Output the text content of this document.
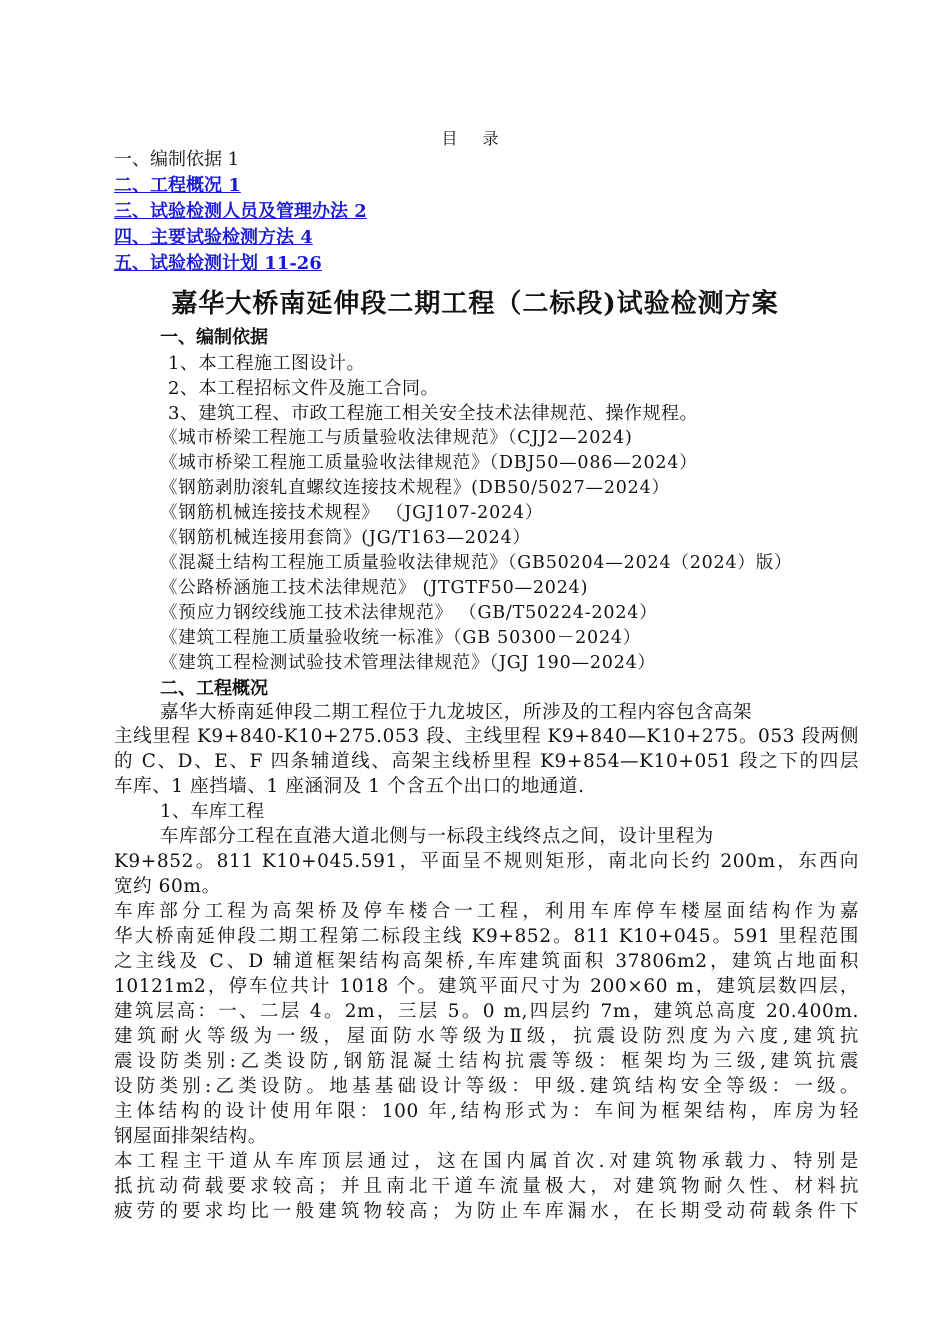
目 录
一、编制依据 1
二、工程概况 1
三、试验检测人员及管理办法 2
四、主要试验检测方法 4
五、试验检测计划 11-26
嘉华大桥南延伸段二期工程（二标段)试验检测方案
一、编制依据
1、本工程施工图设计。
2、本工程招标文件及施工合同。
3、建筑工程、市政工程施工相关安全技术法律规范、操作规程。
《城市桥梁工程施工与质量验收法律规范》（CJJ2—2024)
《城市桥梁工程施工质量验收法律规范》（DBJ50—086—2024）
《钢筋剥肋滚轧直螺纹连接技术规程》(DB50/5027—2024）
《钢筋机械连接技术规程》 （JGJ107-2024）
《钢筋机械连接用套筒》(JG/T163—2024）
《混凝土结构工程施工质量验收法律规范》（GB50204—2024（2024）版）
《公路桥涵施工技术法律规范》 (JTGTF50—2024)
《预应力钢绞线施工技术法律规范》 （GB/T50224-2024）
《建筑工程施工质量验收统一标准》（GB 50300－2024）
《建筑工程检测试验技术管理法律规范》（JGJ 190—2024）
二、工程概况
嘉华大桥南延伸段二期工程位于九龙坡区，所涉及的工程内容包含高架
主线里程 K9+840-K10+275.053 段、主线里程 K9+840—K10+275。053 段两侧
的 C、D、E、F 四条辅道线、高架主线桥里程 K9+854—K10+051 段之下的四层
车库、1 座挡墙、1 座涵洞及 1 个含五个出口的地通道.
1、车库工程
车库部分工程在直港大道北侧与一标段主线终点之间，设计里程为
K9+852。811 K10+045.591，平面呈不规则矩形，南北向长约 200m，东西向
宽约 60m。
车库部分工程为高架桥及停车楼合一工程，利用车库停车楼屋面结构作为嘉
华大桥南延伸段二期工程第二标段主线 K9+852。811 K10+045。591 里程范围
之主线及 C、D 辅道框架结构高架桥,车库建筑面积 37806m2，建筑占地面积
10121m2，停车位共计 1018 个。建筑平面尺寸为 200×60 m，建筑层数四层，
建筑层高：一、二层 4。2m，三层 5。0 m,四层约 7m，建筑总高度 20.400m.
建筑耐火等级为一级，屋面防水等级为Ⅱ级，抗震设防烈度为六度,建筑抗
震设防类别:乙类设防,钢筋混凝土结构抗震等级：框架均为三级,建筑抗震
设防类别:乙类设防。地基基础设计等级：甲级.建筑结构安全等级：一级。
主体结构的设计使用年限：100 年,结构形式为：车间为框架结构，库房为轻
钢屋面排架结构。
本工程主干道从车库顶层通过，这在国内属首次.对建筑物承载力、特别是
抵抗动荷载要求较高；并且南北干道车流量极大，对建筑物耐久性、材料抗
疲劳的要求均比一般建筑物较高；为防止车库漏水，在长期受动荷载条件下
